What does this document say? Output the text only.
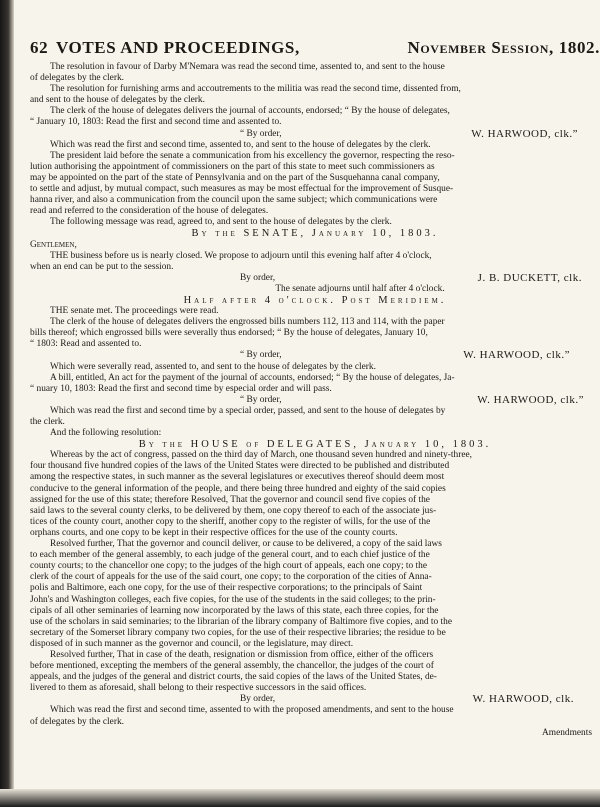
62 VOTES AND PROCEEDINGS,	November Session, 1802.

The resolution in favour of Darby M'Nemara was read the second time, assented to, and sent to the house

of delegates by the clerk.

The resolution for furnishing arms and accoutrements to the militia was read the second time, dissented from,

and sent to the house of delegates by the clerk.

The clerk of the house of delegates delivers the journal of accounts, endorsed; “ By the house of delegates,

“ January 10, 1803: Read the first and second time and assented to.

“ By order,	W. HARWOOD, clk.”

Which was read the first and second time, assented to, and sent to the house of delegates by the clerk.

The president laid before the senate a communication from his excellency the governor, respecting the reso-

lution authorising the appointment of commissioners on the part of this state to meet such commissioners as

may be appointed on the part of the state of Pennsylvania and on the part of the Susquehanna canal company,

to settle and adjust, by mutual compact, such measures as may be most effectual for the improvement of Susque-

hanna river, and also a communication from the council upon the same subject; which communications were

read and referred to the consideration of the house of delegates.

The following message was read, agreed to, and sent to the house of delegates by the clerk.

By the SENATE, January 10, 1803.

Gentlemen,

THE business before us is nearly closed. We propose to adjourn until this evening half after 4 o'clock,

when an end can be put to the session.

By order,	J. B. DUCKETT, clk.

The senate adjourns until half after 4 o'clock.

Half after 4 o'clock. Post Meridiem.

THE senate met. The proceedings were read.

The clerk of the house of delegates delivers the engrossed bills numbers 112, 113 and 114, with the paper

bills thereof; which engrossed bills were severally thus endorsed; “ By the house of delegates, January 10,

“ 1803: Read and assented to.

“ By order,	W. HARWOOD, clk.”

Which were severally read, assented to, and sent to the house of delegates by the clerk.

A bill, entitled, An act for the payment of the journal of accounts, endorsed; “ By the house of delegates, Ja-

“ nuary 10, 1803: Read the first and second time by especial order and will pass.

“ By order,	W. HARWOOD, clk.”

Which was read the first and second time by a special order, passed, and sent to the house of delegates by

the clerk.

And the following resolution:

By the HOUSE of DELEGATES, January 10, 1803.

Whereas by the act of congress, passed on the third day of March, one thousand seven hundred and ninety-three,

four thousand five hundred copies of the laws of the United States were directed to be published and distributed

among the respective states, in such manner as the several legislatures or executives thereof should deem most

conducive to the general information of the people, and there being three hundred and eighty of the said copies

assigned for the use of this state; therefore Resolved, That the governor and council send five copies of the

said laws to the several county clerks, to be delivered by them, one copy thereof to each of the associate jus-

tices of the county court, another copy to the sheriff, another copy to the register of wills, for the use of the

orphans courts, and one copy to be kept in their respective offices for the use of the county courts.

Resolved further, That the governor and council deliver, or cause to be delivered, a copy of the said laws

to each member of the general assembly, to each judge of the general court, and to each chief justice of the

county courts; to the chancellor one copy; to the judges of the high court of appeals, each one copy; to the

clerk of the court of appeals for the use of the said court, one copy; to the corporation of the cities of Anna-

polis and Baltimore, each one copy, for the use of their respective corporations; to the principals of Saint

John's and Washington colleges, each five copies, for the use of the students in the said colleges; to the prin-

cipals of all other seminaries of learning now incorporated by the laws of this state, each three copies, for the

use of the scholars in said seminaries; to the librarian of the library company of Baltimore five copies, and to the

secretary of the Somerset library company two copies, for the use of their respective libraries; the residue to be

disposed of in such manner as the governor and council, or the legislature, may direct.

Resolved further, That in case of the death, resignation or dismission from office, either of the officers

before mentioned, excepting the members of the general assembly, the chancellor, the judges of the court of

appeals, and the judges of the general and district courts, the said copies of the laws of the United States, de-

livered to them as aforesaid, shall belong to their respective successors in the said offices.

By order,	W. HARWOOD, clk.

Which was read the first and second time, assented to with the proposed amendments, and sent to the house

of delegates by the clerk.

Amendments
